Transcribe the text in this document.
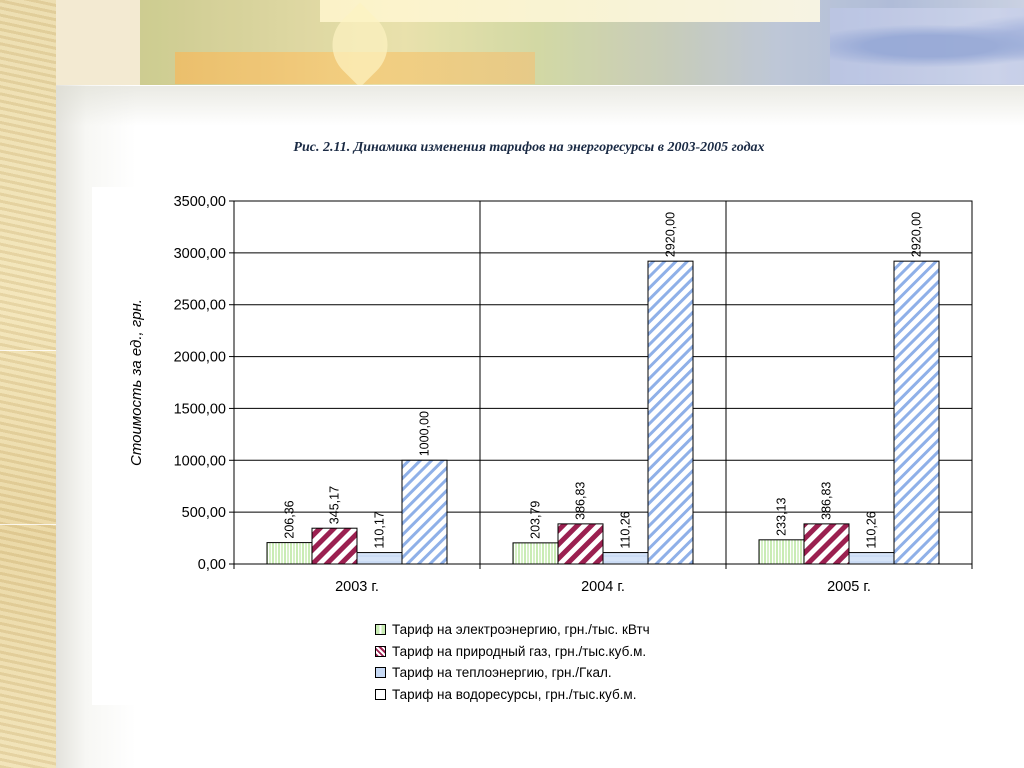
Рис. 2.11. Динамика изменения тарифов на энергоресурсы в 2003-2005 годах
0,00
500,00
1000,00
1500,00
2000,00
2500,00
3000,00
3500,00
2003 г.	2004 г.	2005 г.
206,36 345,17
110,17
1000,00
203,79 386,83
110,26
2920,00
233,13 386,83
110,26
2920,00
Стоимость за ед., грн.
Тариф на электроэнергию, грн./тыс. кВтч
Тариф на природный газ, грн./тыс.куб.м.
Тариф на теплоэнергию, грн./Гкал.
Тариф на водоресурсы, грн./тыс.куб.м.
